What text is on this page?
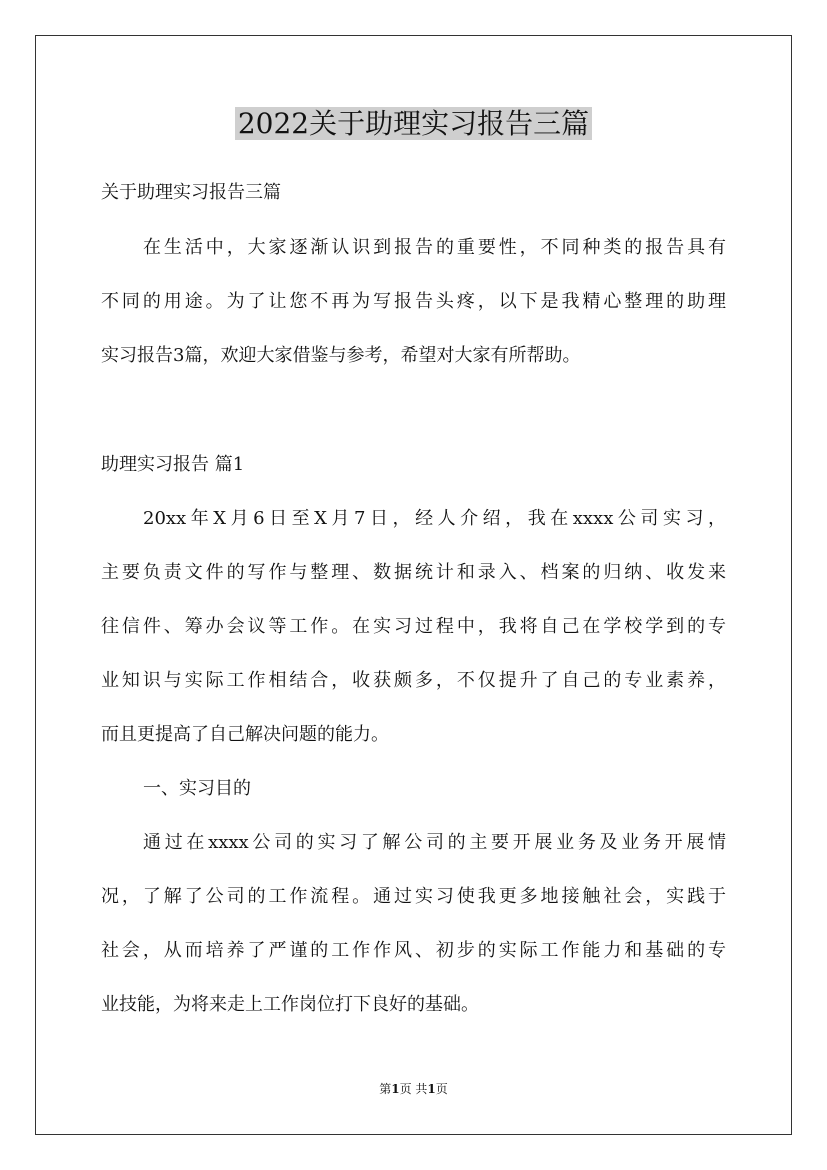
2022关于助理实习报告三篇

关于助理实习报告三篇

在生活中，大家逐渐认识到报告的重要性，不同种类的报告具有

不同的用途。为了让您不再为写报告头疼，以下是我精心整理的助理

实习报告3篇，欢迎大家借鉴与参考，希望对大家有所帮助。

助理实习报告 篇1

20xx年X月6日至X月7日，经人介绍，我在xxxx公司实习，

主要负责文件的写作与整理、数据统计和录入、档案的归纳、收发来

往信件、筹办会议等工作。在实习过程中，我将自己在学校学到的专

业知识与实际工作相结合，收获颇多，不仅提升了自己的专业素养，

而且更提高了自己解决问题的能力。

一、实习目的

通过在xxxx公司的实习了解公司的主要开展业务及业务开展情

况，了解了公司的工作流程。通过实习使我更多地接触社会，实践于

社会，从而培养了严谨的工作作风、初步的实际工作能力和基础的专

业技能，为将来走上工作岗位打下良好的基础。

第1页 共1页
